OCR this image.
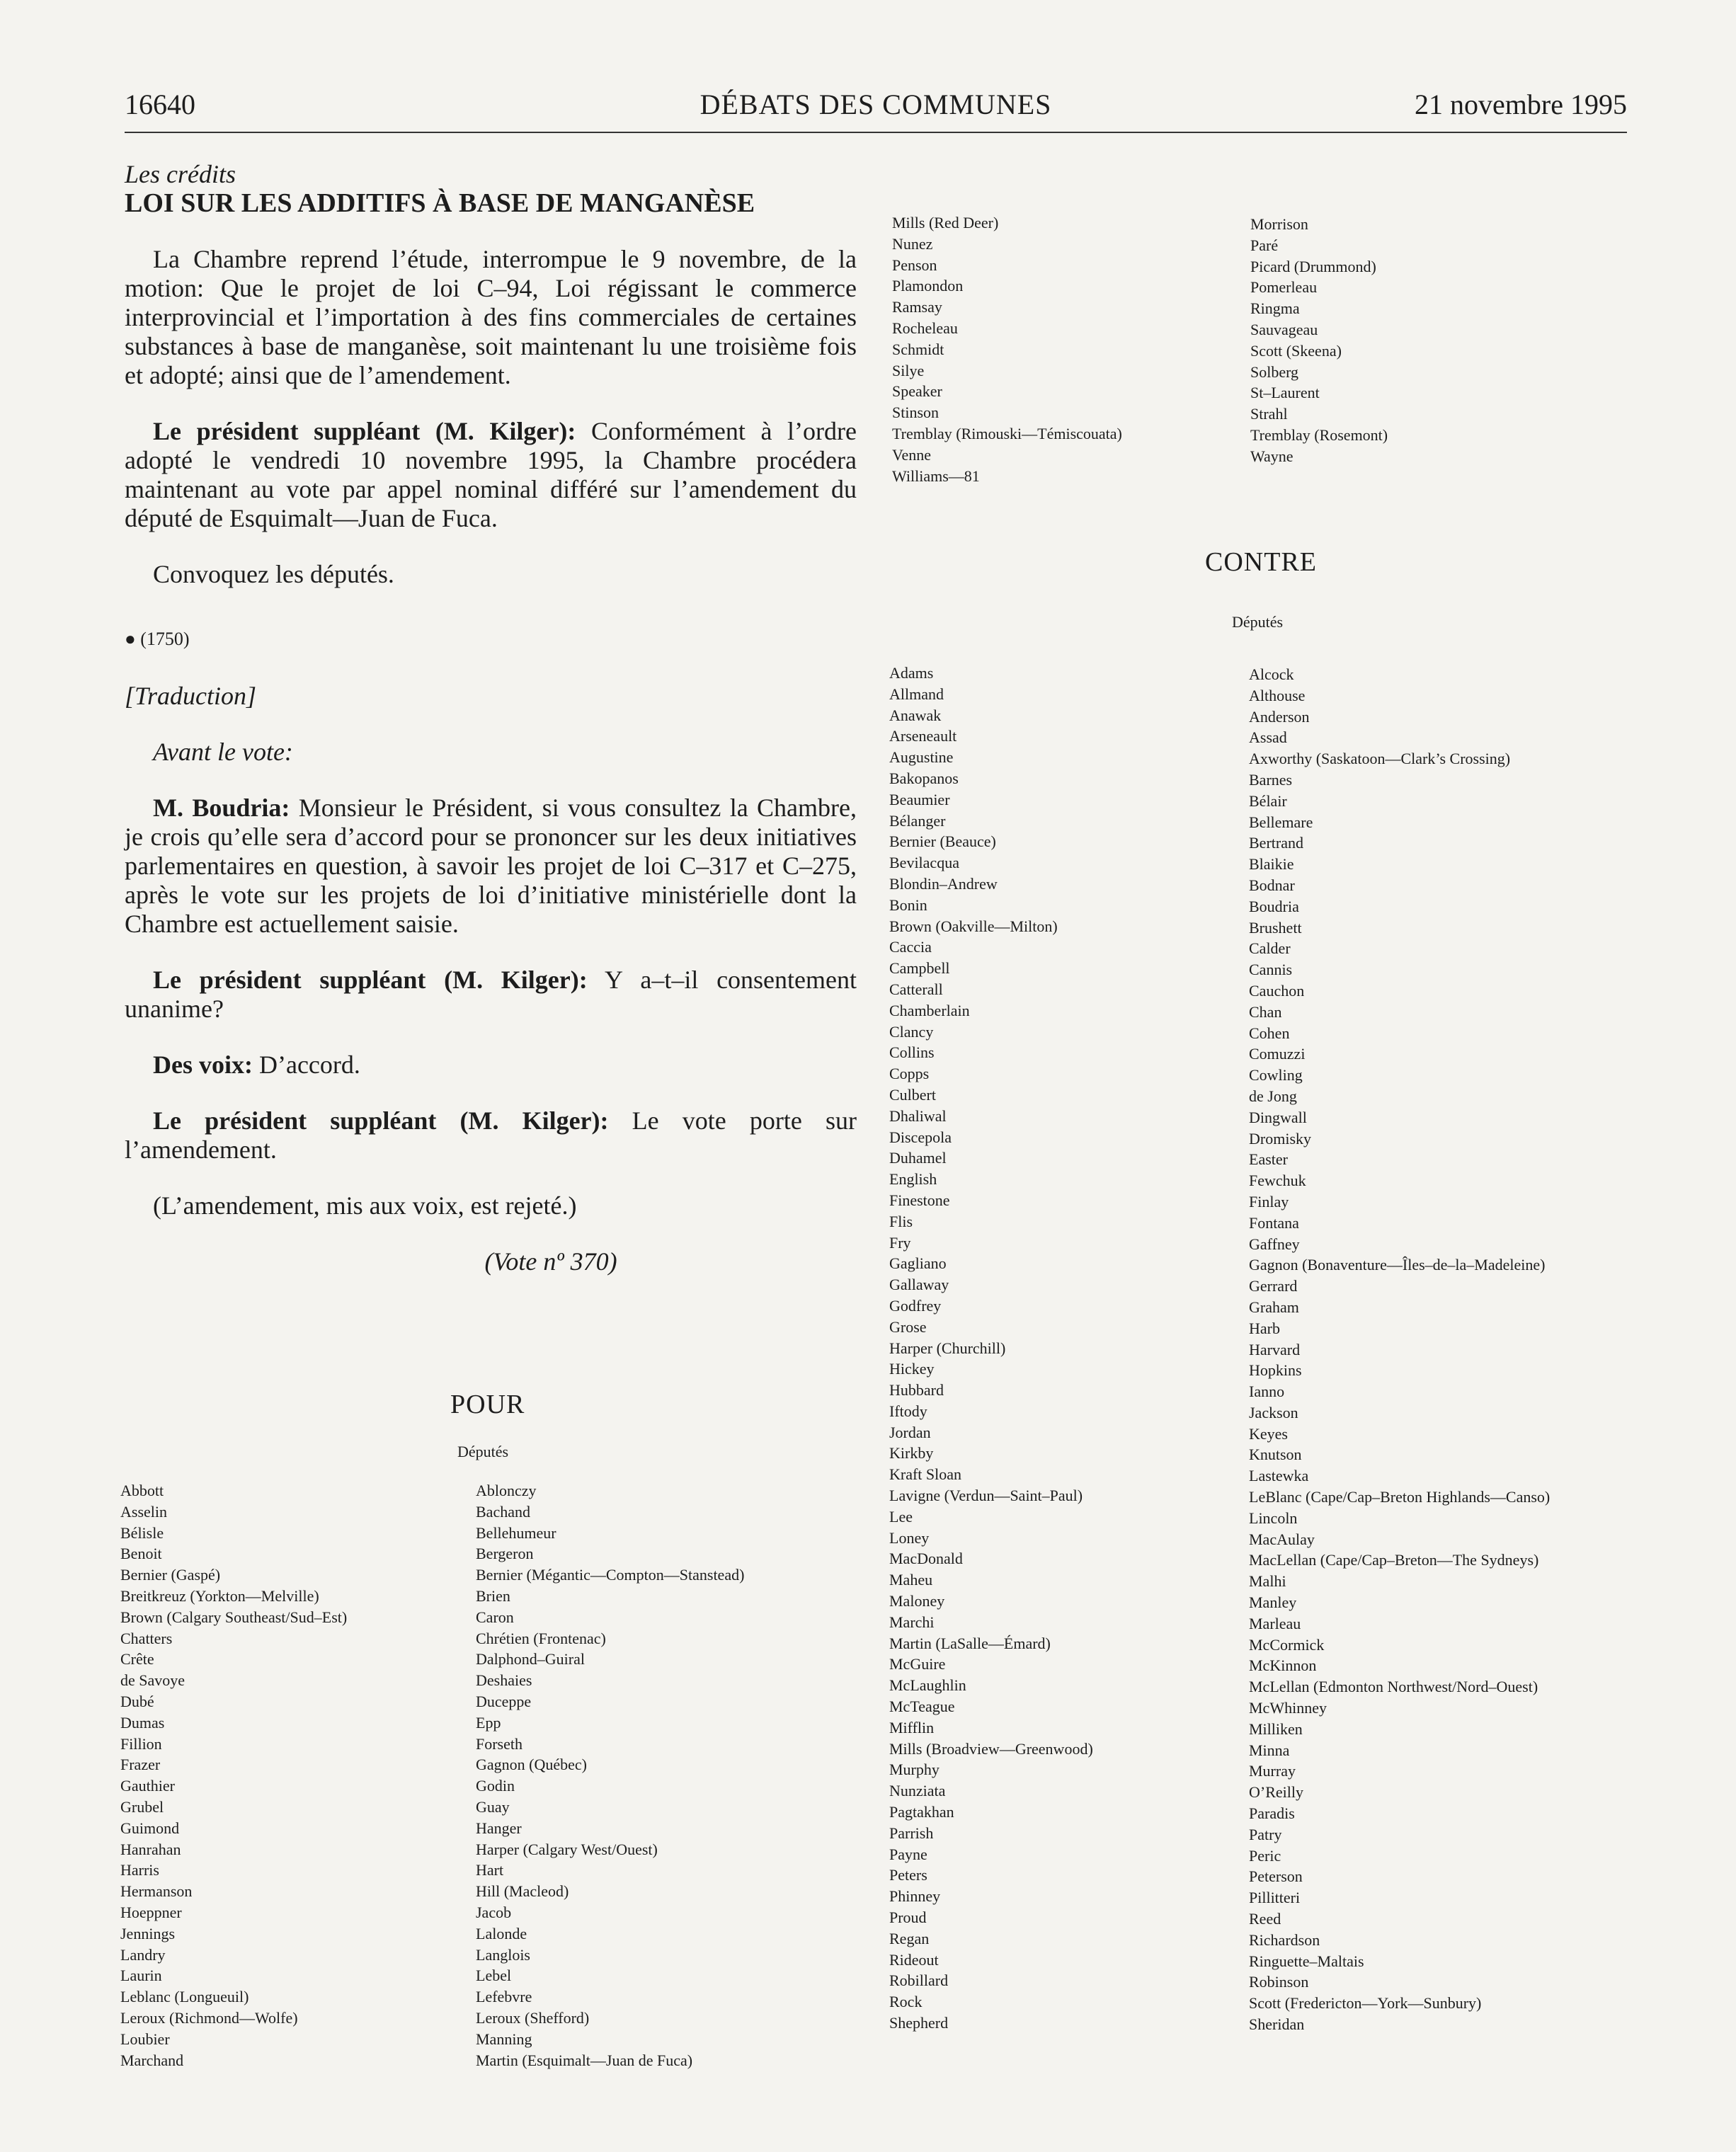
16640	DÉBATS DES COMMUNES	21 novembre 1995

Les crédits

LOI SUR LES ADDITIFS À BASE DE MANGANÈSE

La Chambre reprend l’étude, interrompue le 9 novembre, de la motion: Que le projet de loi C–94, Loi régissant le commerce interprovincial et l’importation à des fins commerciales de certaines substances à base de manganèse, soit maintenant lu une troisième fois et adopté; ainsi que de l’amendement.

Le président suppléant (M. Kilger): Conformément à l’ordre adopté le vendredi 10 novembre 1995, la Chambre procédera maintenant au vote par appel nominal différé sur l’amendement du député de Esquimalt—Juan de Fuca.

Convoquez les députés.

● (1750)

[Traduction]

Avant le vote:

M. Boudria: Monsieur le Président, si vous consultez la Chambre, je crois qu’elle sera d’accord pour se prononcer sur les deux initiatives parlementaires en question, à savoir les projet de loi C–317 et C–275, après le vote sur les projets de loi d’initiative ministérielle dont la Chambre est actuellement saisie.

Le président suppléant (M. Kilger): Y a–t–il consentement unanime?

Des voix: D’accord.

Le président suppléant (M. Kilger): Le vote porte sur l’amendement.

(L’amendement, mis aux voix, est rejeté.)

(Vote nº 370)

POUR
Députés
Abbott
Asselin
Bélisle
Benoit
Bernier (Gaspé)
Breitkreuz (Yorkton—Melville)
Brown (Calgary Southeast/Sud–Est)
Chatters
Crête
de Savoye
Dubé
Dumas
Fillion
Frazer
Gauthier
Grubel
Guimond
Hanrahan
Harris
Hermanson
Hoeppner
Jennings
Landry
Laurin
Leblanc (Longueuil)
Leroux (Richmond—Wolfe)
Loubier
Marchand
Ablonczy
Bachand
Bellehumeur
Bergeron
Bernier (Mégantic—Compton—Stanstead)
Brien
Caron
Chrétien (Frontenac)
Dalphond–Guiral
Deshaies
Duceppe
Epp
Forseth
Gagnon (Québec)
Godin
Guay
Hanger
Harper (Calgary West/Ouest)
Hart
Hill (Macleod)
Jacob
Lalonde
Langlois
Lebel
Lefebvre
Leroux (Shefford)
Manning
Martin (Esquimalt—Juan de Fuca)
Mills (Red Deer)
Nunez
Penson
Plamondon
Ramsay
Rocheleau
Schmidt
Silye
Speaker
Stinson
Tremblay (Rimouski—Témiscouata)
Venne
Williams—81
Morrison
Paré
Picard (Drummond)
Pomerleau
Ringma
Sauvageau
Scott (Skeena)
Solberg
St–Laurent
Strahl
Tremblay (Rosemont)
Wayne
CONTRE
Députés
Adams
Allmand
Anawak
Arseneault
Augustine
Bakopanos
Beaumier
Bélanger
Bernier (Beauce)
Bevilacqua
Blondin–Andrew
Bonin
Brown (Oakville—Milton)
Caccia
Campbell
Catterall
Chamberlain
Clancy
Collins
Copps
Culbert
Dhaliwal
Discepola
Duhamel
English
Finestone
Flis
Fry
Gagliano
Gallaway
Godfrey
Grose
Harper (Churchill)
Hickey
Hubbard
Iftody
Jordan
Kirkby
Kraft Sloan
Lavigne (Verdun—Saint–Paul)
Lee
Loney
MacDonald
Maheu
Maloney
Marchi
Martin (LaSalle—Émard)
McGuire
McLaughlin
McTeague
Mifflin
Mills (Broadview—Greenwood)
Murphy
Nunziata
Pagtakhan
Parrish
Payne
Peters
Phinney
Proud
Regan
Rideout
Robillard
Rock
Shepherd
Alcock
Althouse
Anderson
Assad
Axworthy (Saskatoon—Clark’s Crossing)
Barnes
Bélair
Bellemare
Bertrand
Blaikie
Bodnar
Boudria
Brushett
Calder
Cannis
Cauchon
Chan
Cohen
Comuzzi
Cowling
de Jong
Dingwall
Dromisky
Easter
Fewchuk
Finlay
Fontana
Gaffney
Gagnon (Bonaventure—Îles–de–la–Madeleine)
Gerrard
Graham
Harb
Harvard
Hopkins
Ianno
Jackson
Keyes
Knutson
Lastewka
LeBlanc (Cape/Cap–Breton Highlands—Canso)
Lincoln
MacAulay
MacLellan (Cape/Cap–Breton—The Sydneys)
Malhi
Manley
Marleau
McCormick
McKinnon
McLellan (Edmonton Northwest/Nord–Ouest)
McWhinney
Milliken
Minna
Murray
O’Reilly
Paradis
Patry
Peric
Peterson
Pillitteri
Reed
Richardson
Ringuette–Maltais
Robinson
Scott (Fredericton—York—Sunbury)
Sheridan
